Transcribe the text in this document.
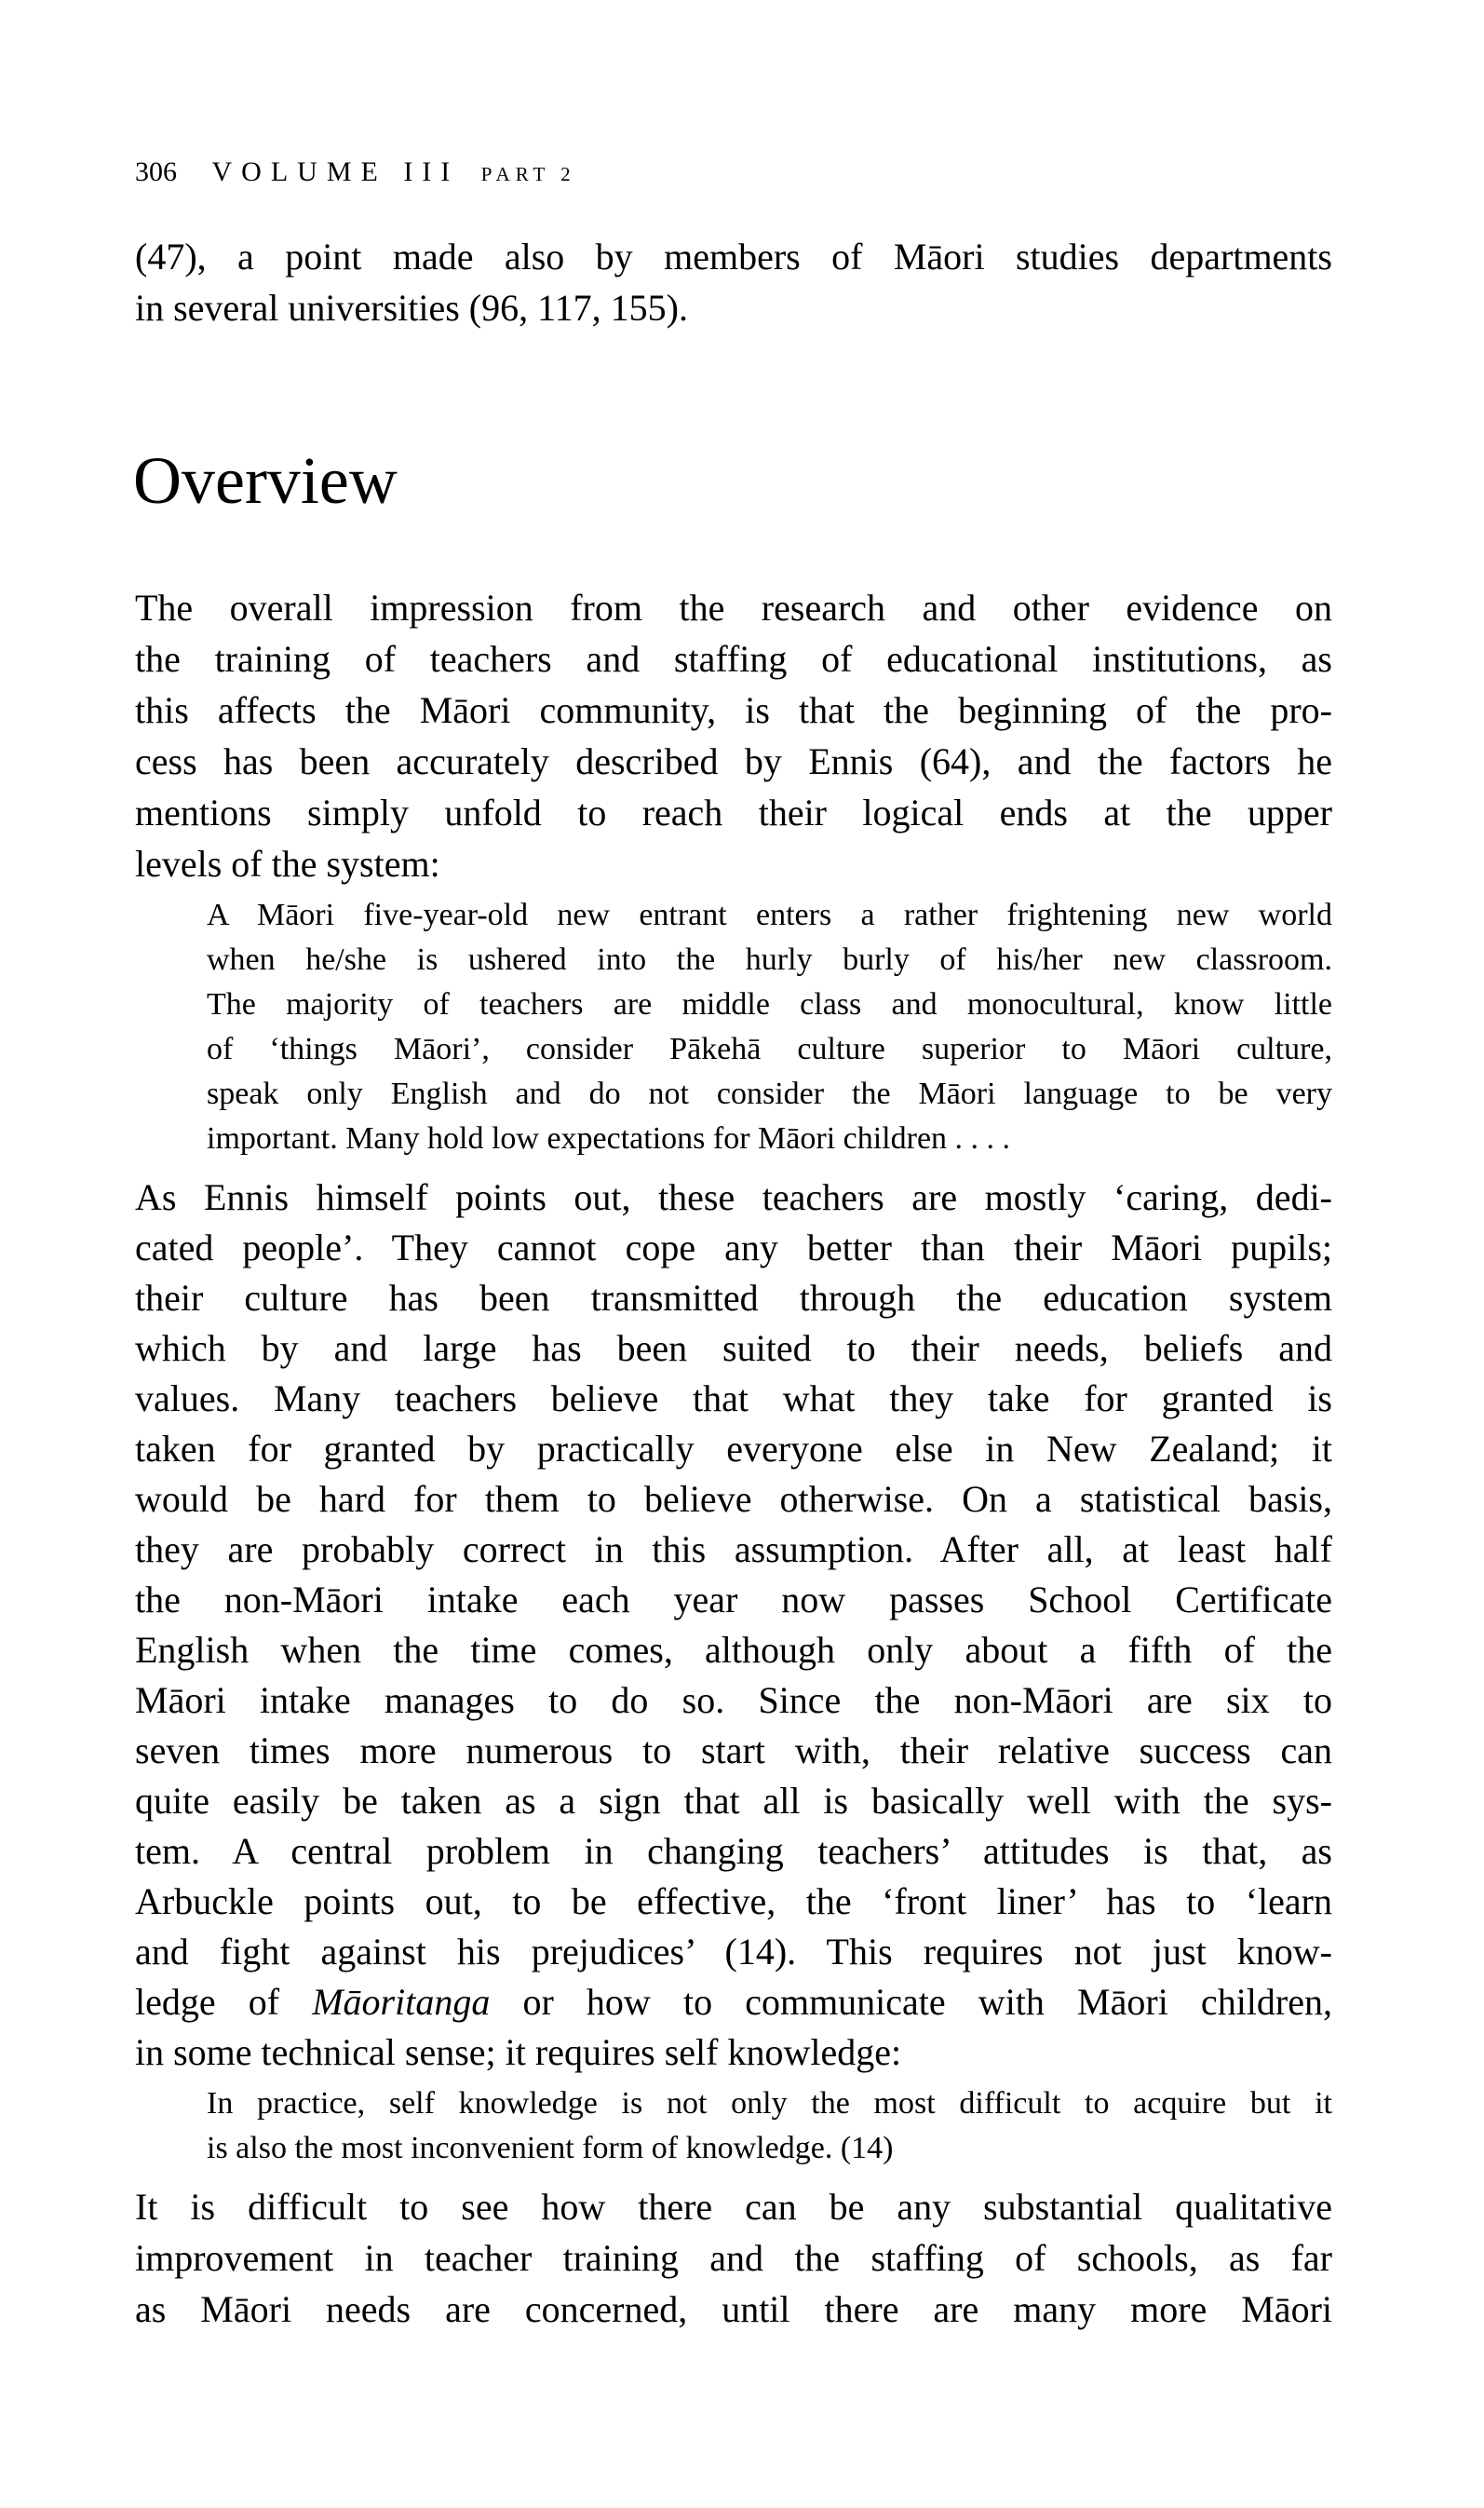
306 VOLUME III PART 2
(47), a point made also by members of Māori studies departments
in several universities (96, 117, 155).
Overview
The overall impression from the research and other evidence on
the training of teachers and staffing of educational institutions, as
this affects the Māori community, is that the beginning of the pro-
cess has been accurately described by Ennis (64), and the factors he
mentions simply unfold to reach their logical ends at the upper
levels of the system:
A Māori five-year-old new entrant enters a rather frightening new world
when he/she is ushered into the hurly burly of his/her new classroom.
The majority of teachers are middle class and monocultural, know little
of ‘things Māori’, consider Pākehā culture superior to Māori culture,
speak only English and do not consider the Māori language to be very
important. Many hold low expectations for Māori children . . . .
As Ennis himself points out, these teachers are mostly ‘caring, dedi-
cated people’. They cannot cope any better than their Māori pupils;
their culture has been transmitted through the education system
which by and large has been suited to their needs, beliefs and
values. Many teachers believe that what they take for granted is
taken for granted by practically everyone else in New Zealand; it
would be hard for them to believe otherwise. On a statistical basis,
they are probably correct in this assumption. After all, at least half
the non-Māori intake each year now passes School Certificate
English when the time comes, although only about a fifth of the
Māori intake manages to do so. Since the non-Māori are six to
seven times more numerous to start with, their relative success can
quite easily be taken as a sign that all is basically well with the sys-
tem. A central problem in changing teachers’ attitudes is that, as
Arbuckle points out, to be effective, the ‘front liner’ has to ‘learn
and fight against his prejudices’ (14). This requires not just know-
ledge of Māoritanga or how to communicate with Māori children,
in some technical sense; it requires self knowledge:
In practice, self knowledge is not only the most difficult to acquire but it
is also the most inconvenient form of knowledge. (14)
It is difficult to see how there can be any substantial qualitative
improvement in teacher training and the staffing of schools, as far
as Māori needs are concerned, until there are many more Māori
